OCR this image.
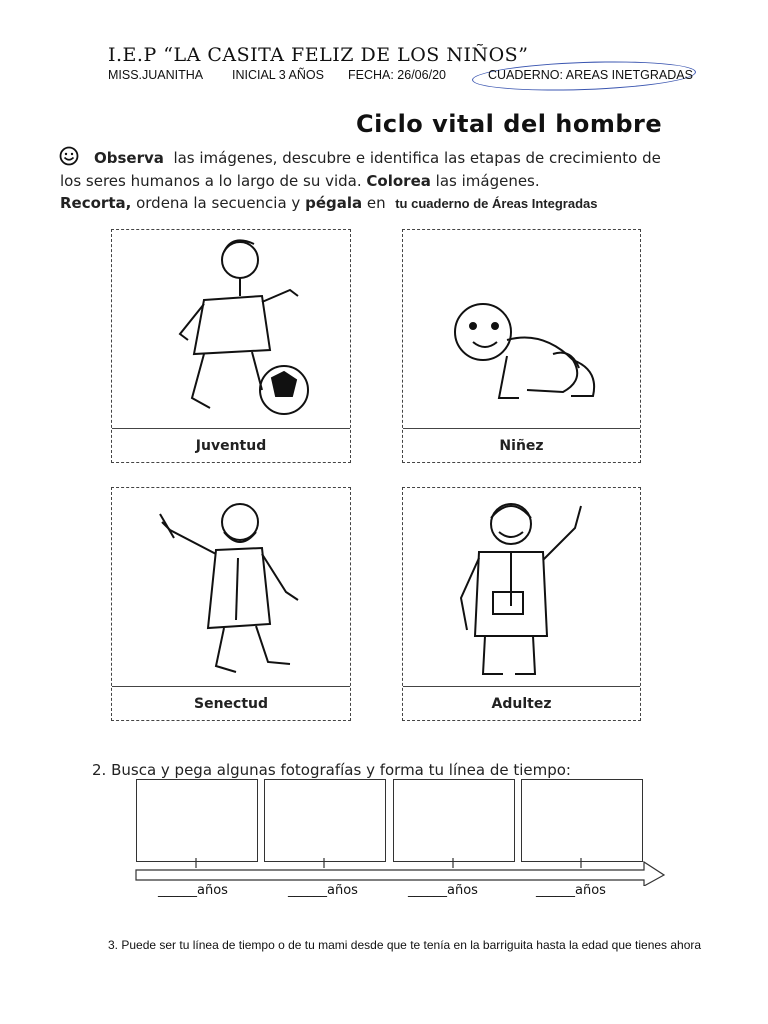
I.E.P “LA CASITA FELIZ DE LOS NIÑOS”
MISS.JUANITHA INICIAL 3 AÑOS FECHA: 26/06/20	CUADERNO: AREAS INETGRADAS
Ciclo vital del hombre
Observa las imágenes, descubre e identifica las etapas de crecimiento de
los seres humanos a lo largo de su vida. Colorea las imágenes.
Recorta, ordena la secuencia y pégala en tu cuaderno de Áreas Integradas
Juventud	Niñez
Senectud	Adultez
2. Busca y pega algunas fotografías y forma tu línea de tiempo:
______años	______años	______años	______años
3. Puede ser tu línea de tiempo o de tu mami desde que te tenía en la barriguita hasta la edad que tienes ahora
